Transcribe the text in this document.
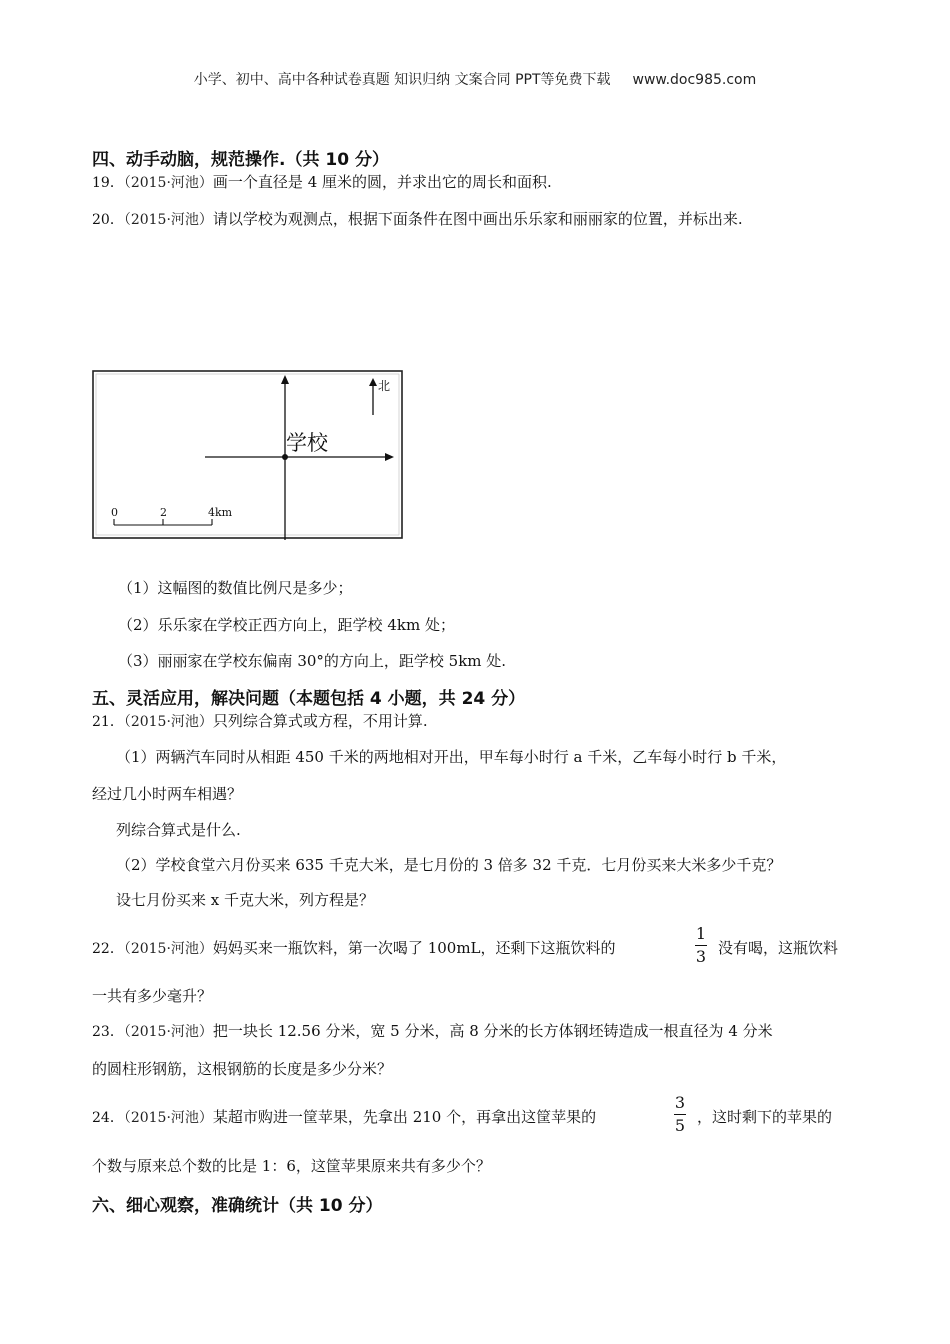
小学、初中、高中各种试卷真题 知识归纳 文案合同 PPT等免费下载 www.doc985.com
四、动手动脑，规范操作.（共 10 分）
19．（2015·河池）画一个直径是 4 厘米的圆，并求出它的周长和面积.
20．（2015·河池）请以学校为观测点，根据下面条件在图中画出乐乐家和丽丽家的位置，并标出来.
学校
北
0	2	4km
（1）这幅图的数值比例尺是多少；
（2）乐乐家在学校正西方向上，距学校 4km 处；
（3）丽丽家在学校东偏南 30°的方向上，距学校 5km 处.
五、灵活应用，解决问题（本题包括 4 小题，共 24 分）
21．（2015·河池）只列综合算式或方程，不用计算.
（1）两辆汽车同时从相距 450 千米的两地相对开出，甲车每小时行 a 千米，乙车每小时行 b 千米，
经过几小时两车相遇？
列综合算式是什么.
（2）学校食堂六月份买来 635 千克大米，是七月份的 3 倍多 32 千克．七月份买来大米多少千克？
设七月份买来 x 千克大米，列方程是？
22．（2015·河池）妈妈买来一瓶饮料，第一次喝了 100mL，还剩下这瓶饮料的
1
3 没有喝，这瓶饮料
一共有多少毫升？
23．（2015·河池）把一块长 12.56 分米，宽 5 分米，高 8 分米的长方体钢坯铸造成一根直径为 4 分米
的圆柱形钢筋，这根钢筋的长度是多少分米？
24．（2015·河池）某超市购进一筐苹果，先拿出 210 个，再拿出这筐苹果的
3
5 ，这时剩下的苹果的
个数与原来总个数的比是 1：6，这筐苹果原来共有多少个？
六、细心观察，准确统计（共 10 分）
